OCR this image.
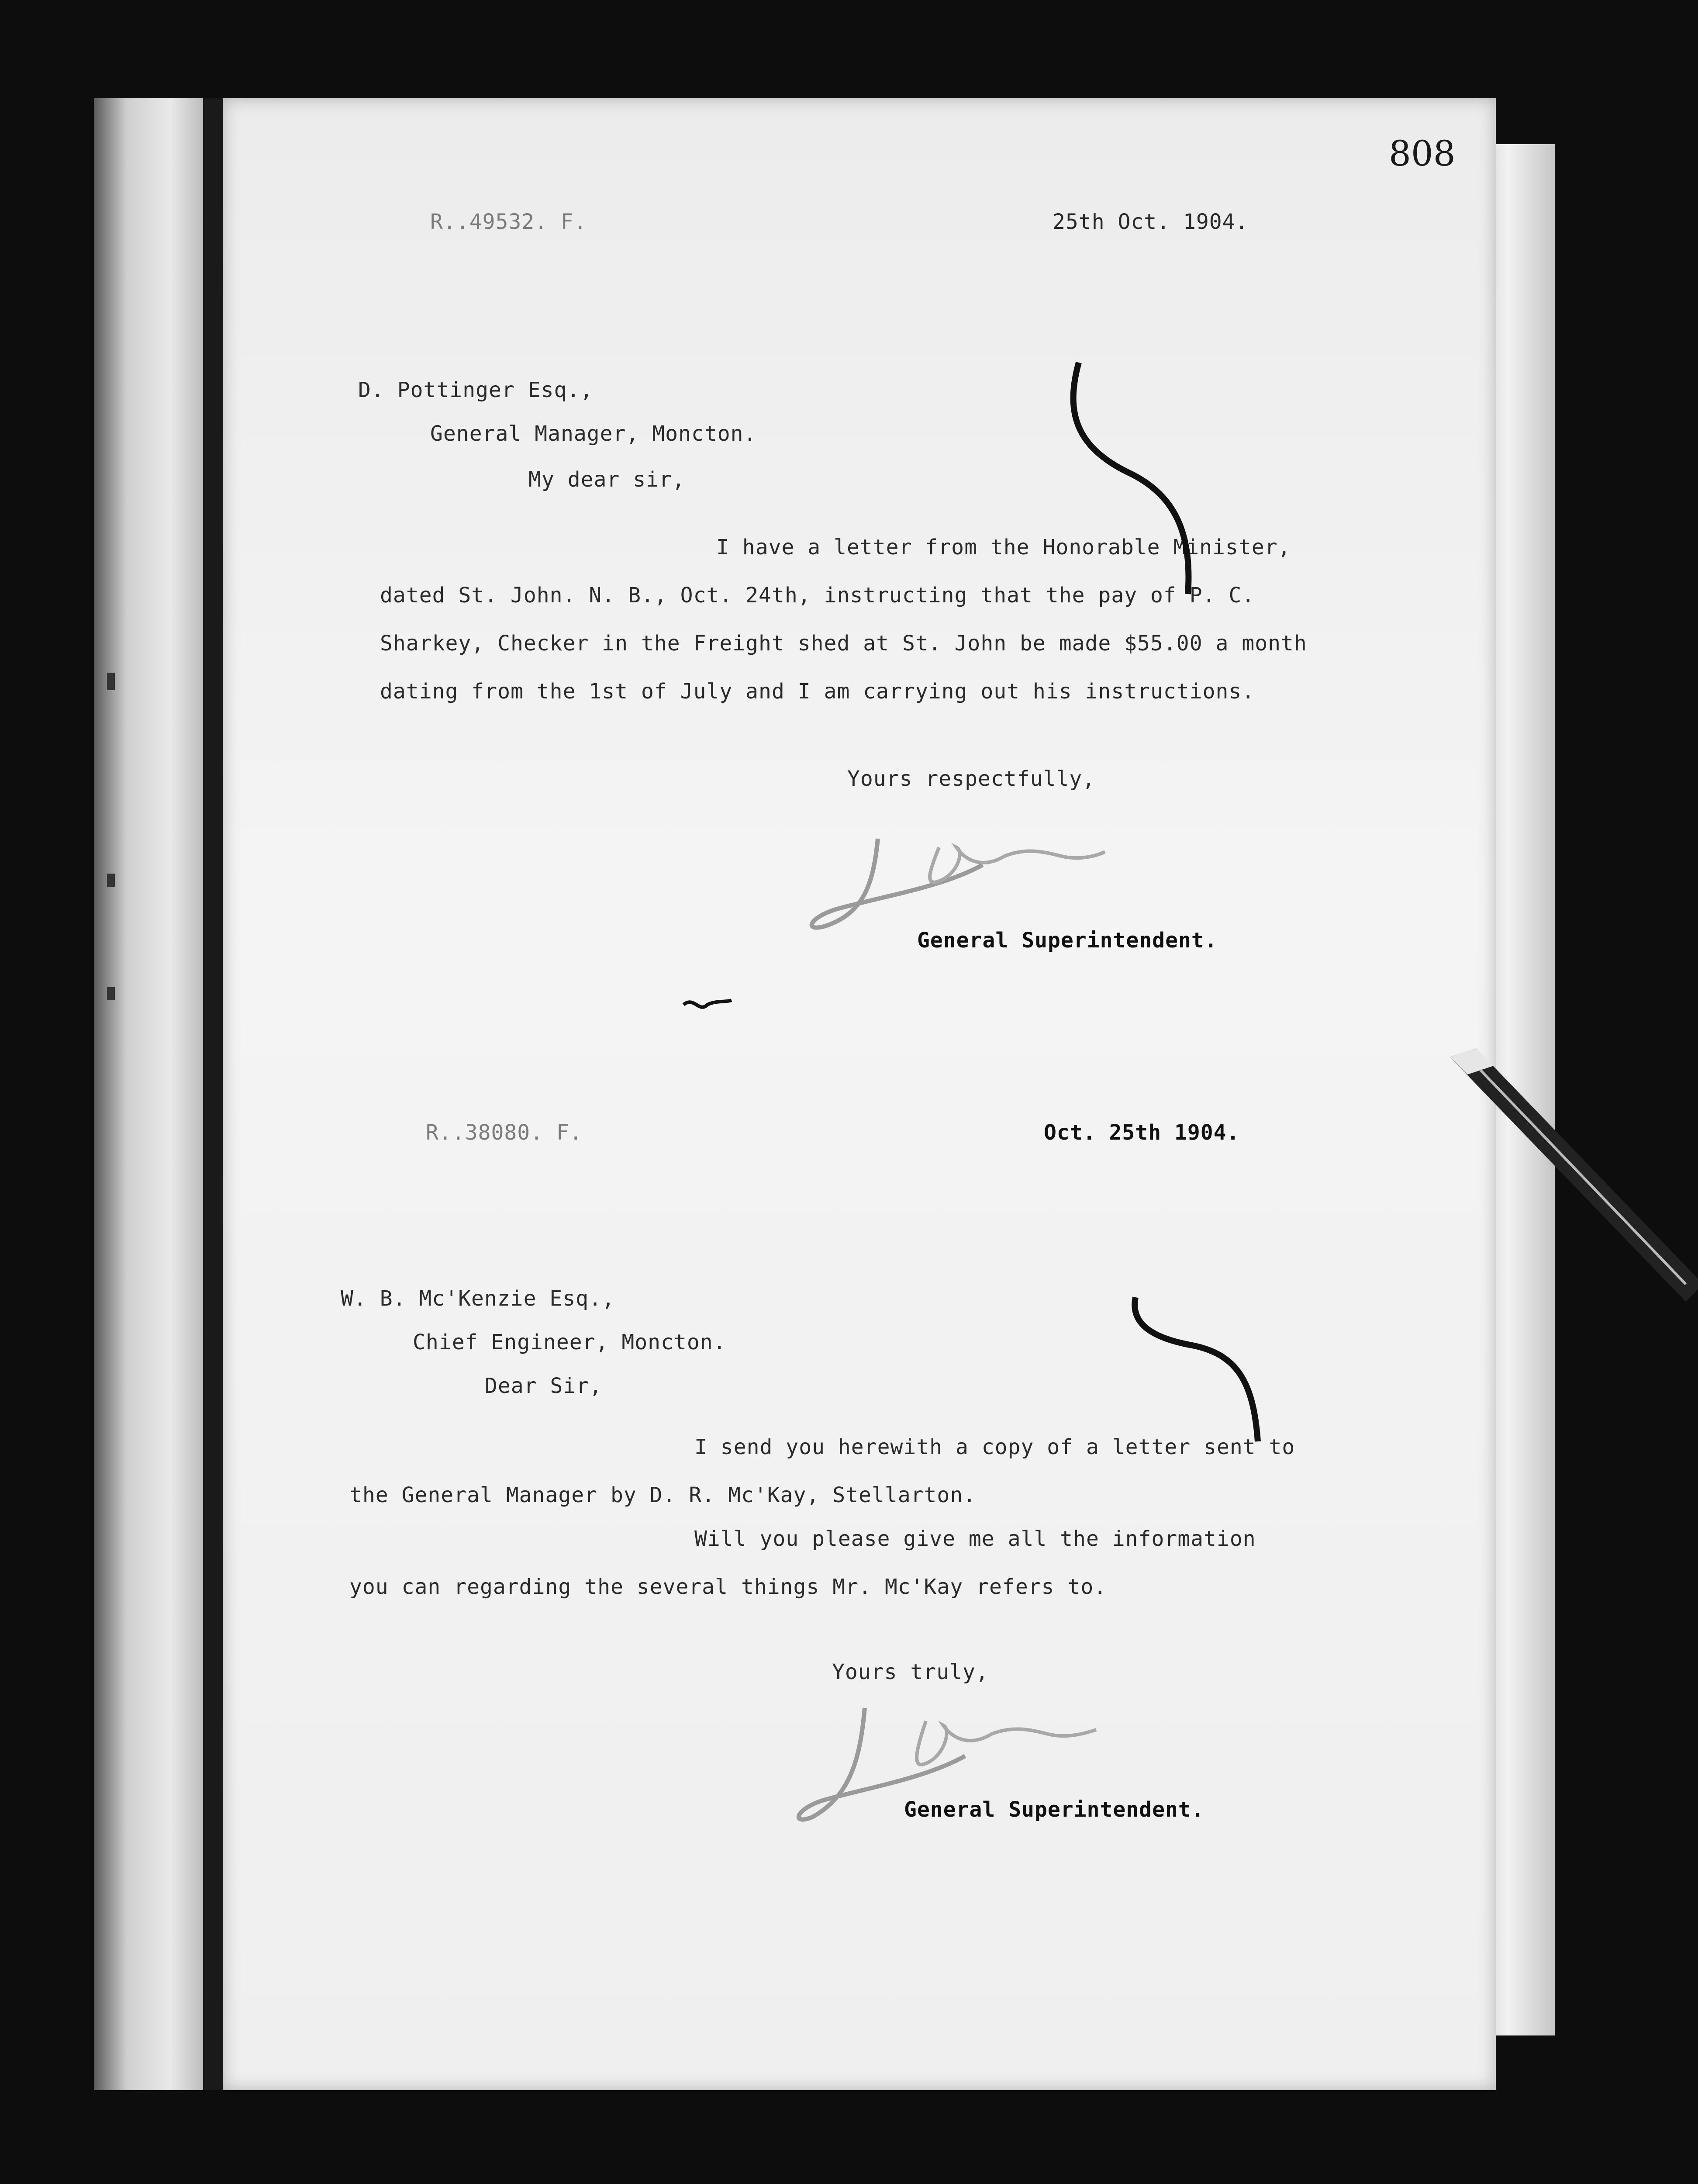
808
R..49532. F.	25th Oct. 1904.
D. Pottinger Esq.,
General Manager, Moncton.
My dear sir,
I have a letter from the Honorable Minister,
dated St. John. N. B., Oct. 24th, instructing that the pay of P. C.
Sharkey, Checker in the Freight shed at St. John be made $55.00 a month
dating from the 1st of July and I am carrying out his instructions.
Yours respectfully,
General Superintendent.
R..38080. F.	Oct. 25th 1904.
W. B. Mc'Kenzie Esq.,
Chief Engineer, Moncton.
Dear Sir,
I send you herewith a copy of a letter sent to
the General Manager by D. R. Mc'Kay, Stellarton.
Will you please give me all the information
you can regarding the several things Mr. Mc'Kay refers to.
Yours truly,
General Superintendent.
